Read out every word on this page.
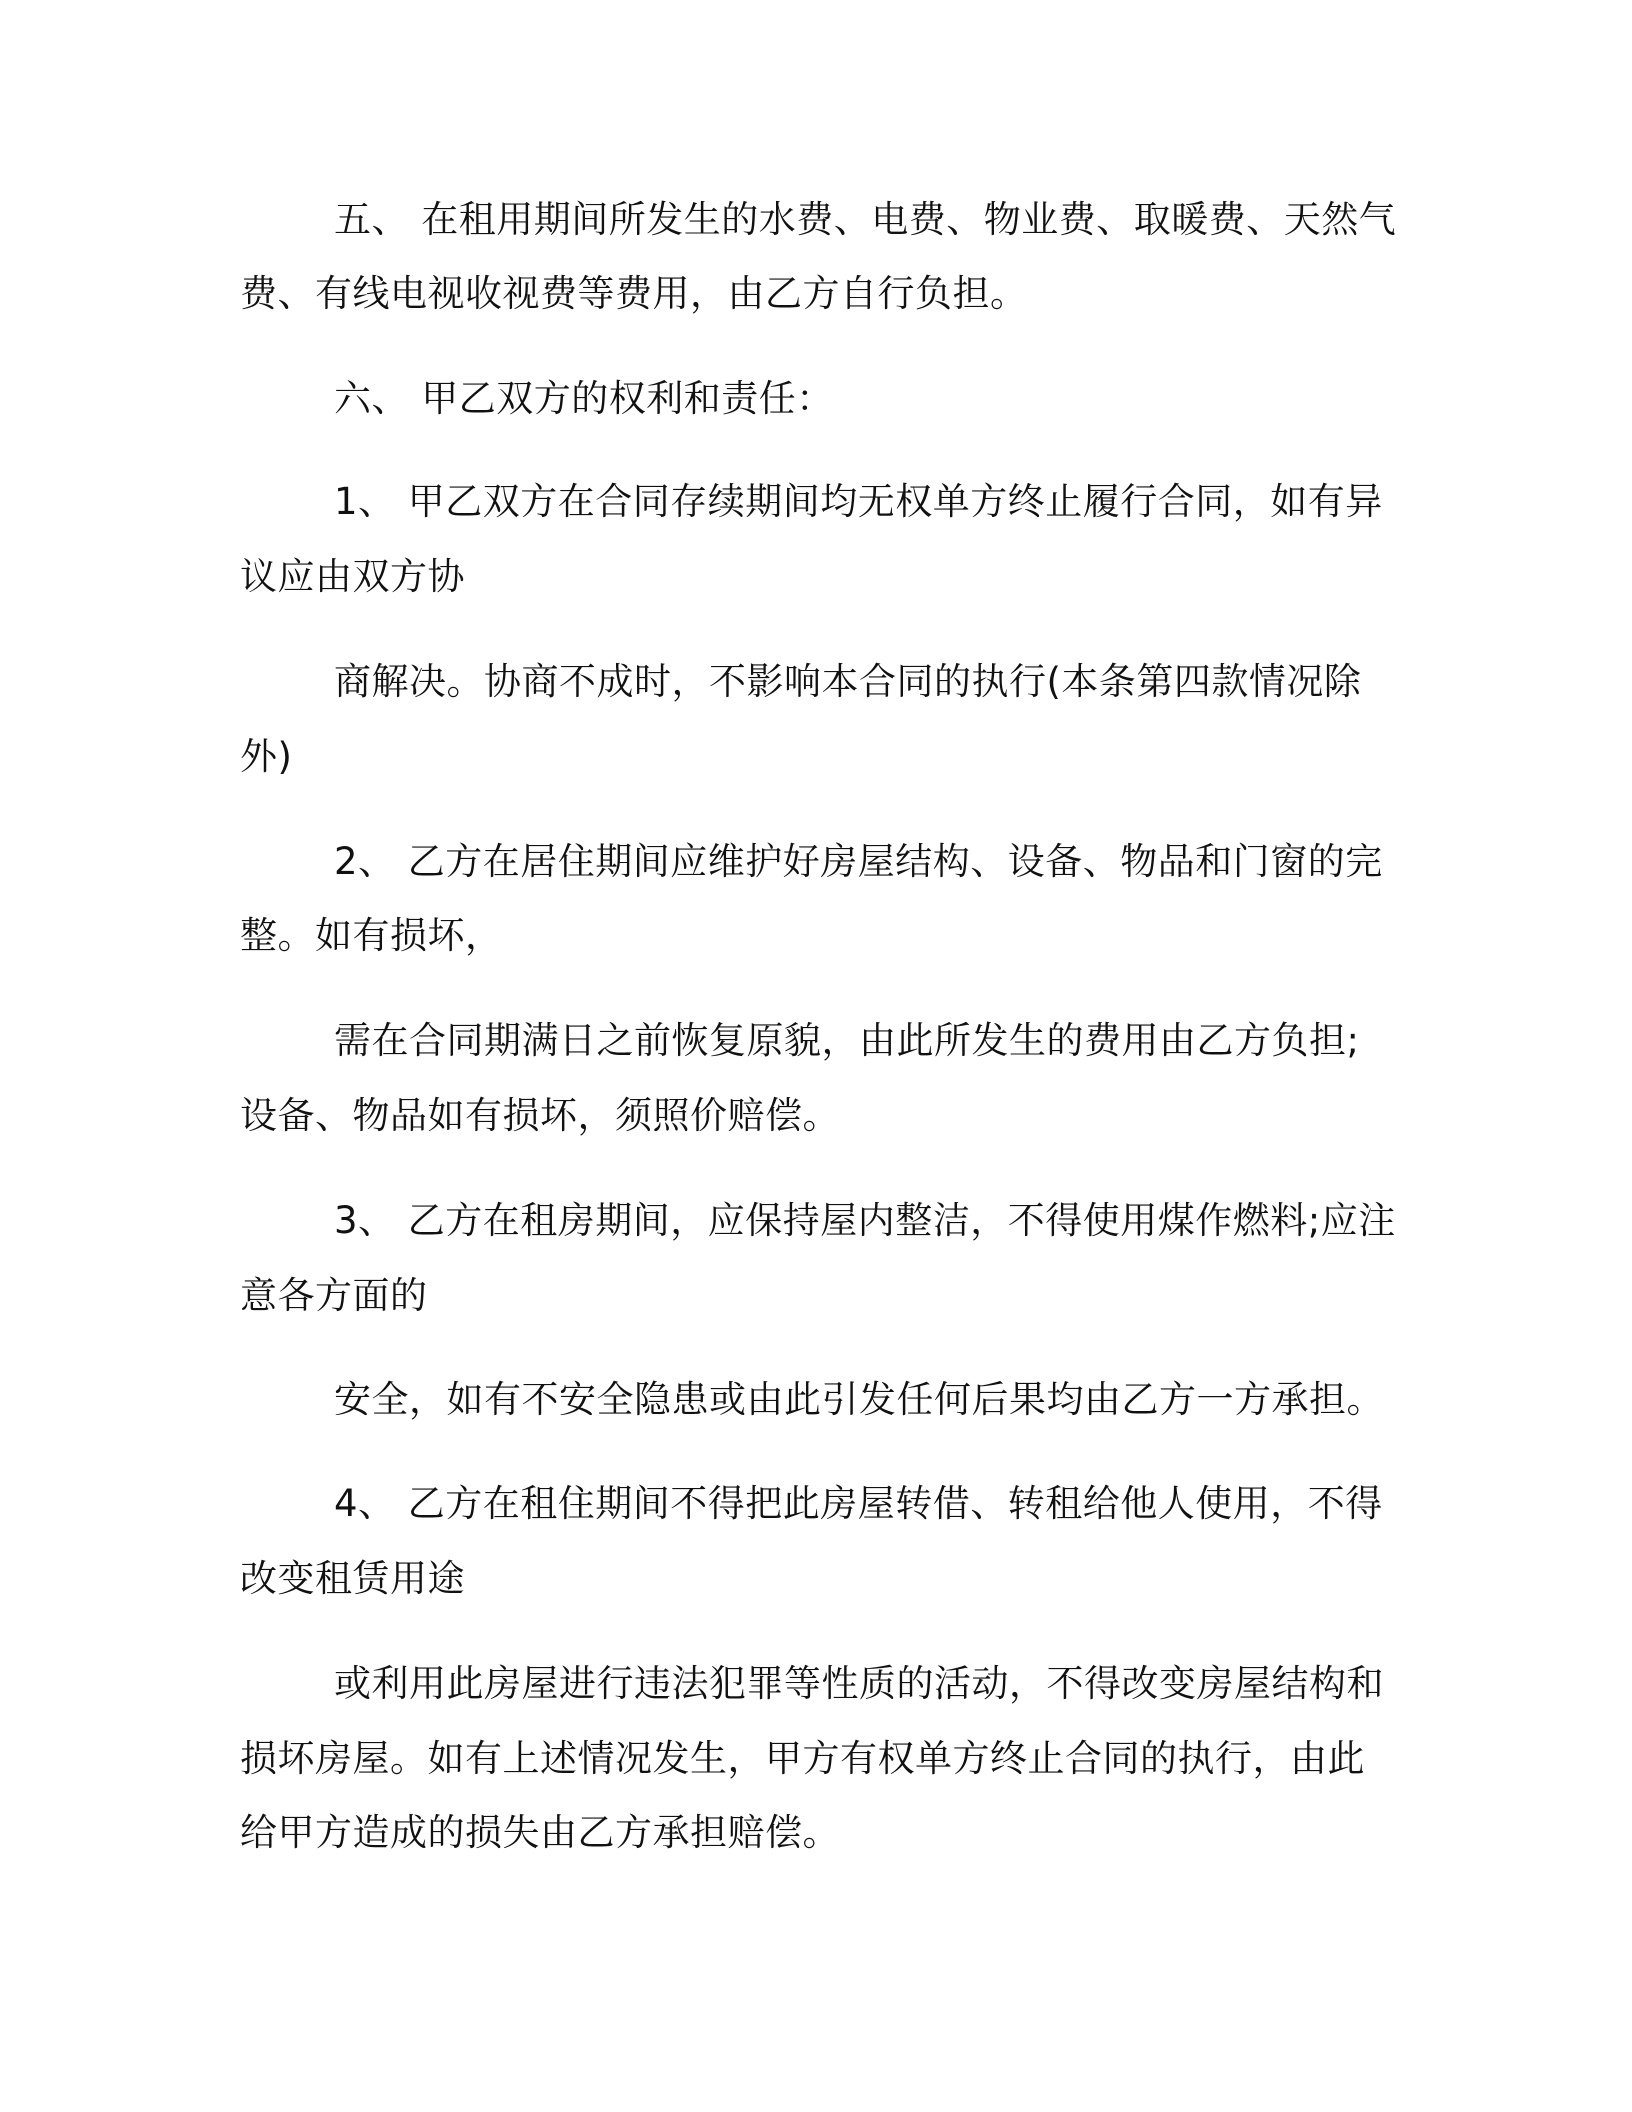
五、 在租用期间所发生的水费、电费、物业费、取暖费、天然气
费、有线电视收视费等费用，由乙方自行负担。
六、 甲乙双方的权利和责任：
1、 甲乙双方在合同存续期间均无权单方终止履行合同，如有异
议应由双方协
商解决。协商不成时，不影响本合同的执行(本条第四款情况除
外)
2、 乙方在居住期间应维护好房屋结构、设备、物品和门窗的完
整。如有损坏，
需在合同期满日之前恢复原貌，由此所发生的费用由乙方负担;
设备、物品如有损坏，须照价赔偿。
3、 乙方在租房期间，应保持屋内整洁，不得使用煤作燃料;应注
意各方面的
安全，如有不安全隐患或由此引发任何后果均由乙方一方承担。
4、 乙方在租住期间不得把此房屋转借、转租给他人使用，不得
改变租赁用途
或利用此房屋进行违法犯罪等性质的活动，不得改变房屋结构和
损坏房屋。如有上述情况发生，甲方有权单方终止合同的执行，由此
给甲方造成的损失由乙方承担赔偿。
